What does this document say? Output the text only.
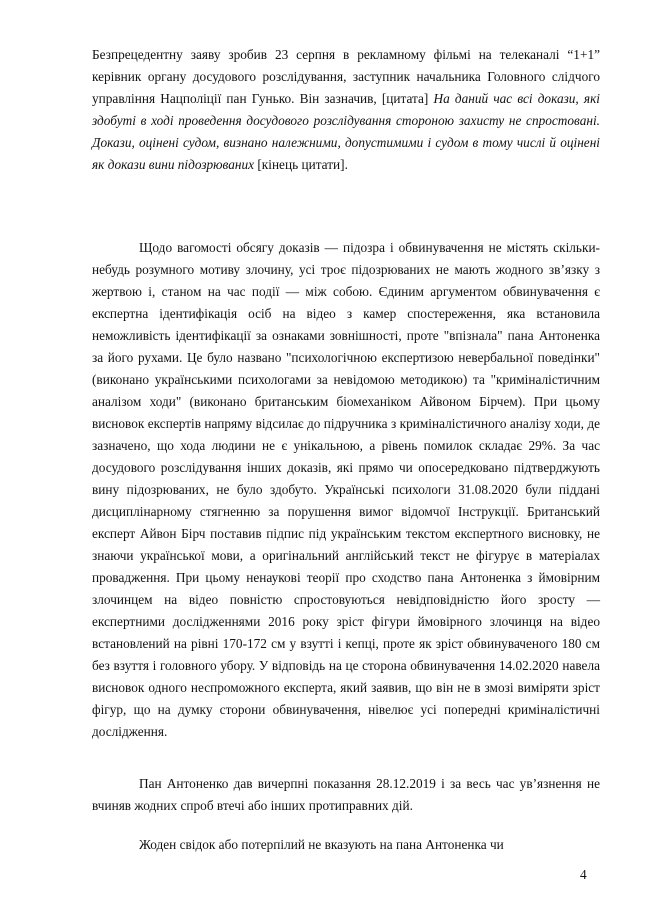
Безпрецедентну заяву зробив 23 серпня в рекламному фільмі на телеканалі “1+1” керівник органу досудового розслідування, заступник начальника Головного слідчого управління Нацполіції пан Гунько. Він зазначив, [цитата] На даний час всі докази, які здобуті в ході проведення досудового розслідування стороною захисту не спростовані. Докази, оцінені судом, визнано належними, допустимими і судом в тому числі й оцінені як докази вини підозрюваних [кінець цитати].

Щодо вагомості обсягу доказів — підозра і обвинувачення не містять скільки-небудь розумного мотиву злочину, усі троє підозрюваних не мають жодного зв’язку з жертвою і, станом на час події — між собою. Єдиним аргументом обвинувачення є експертна ідентифікація осіб на відео з камер спостереження, яка встановила неможливість ідентифікації за ознаками зовнішності, проте "впізнала" пана Антоненка за його рухами. Це було названо "психологічною експертизою невербальної поведінки" (виконано українськими психологами за невідомою методикою) та "криміналістичним аналізом ходи" (виконано британським біомеханіком Айвоном Бірчем). При цьому висновок експертів напряму відсилає до підручника з криміналістичного аналізу ходи, де зазначено, що хода людини не є унікальною, а рівень помилок складає 29%. За час досудового розслідування інших доказів, які прямо чи опосередковано підтверджують вину підозрюваних, не було здобуто. Українські психологи 31.08.2020 були піддані дисциплінарному стягненню за порушення вимог відомчої Інструкції. Британський експерт Айвон Бірч поставив підпис під українським текстом експертного висновку, не знаючи української мови, а оригінальний англійський текст не фігурує в матеріалах провадження. При цьому ненаукові теорії про сходство пана Антоненка з ймовірним злочинцем на відео повністю спростовуються невідповідністю його зросту — експертними дослідженнями 2016 року зріст фігури ймовірного злочинця на відео встановлений на рівні 170-172 см у взутті і кепці, проте як зріст обвинуваченого 180 см без взуття і головного убору. У відповідь на це сторона обвинувачення 14.02.2020 навела висновок одного неспроможного експерта, який заявив, що він не в змозі виміряти зріст фігур, що на думку сторони обвинувачення, нівелює усі попередні криміналістичні дослідження.

Пан Антоненко дав вичерпні показання 28.12.2019 і за весь час ув’язнення не вчиняв жодних спроб втечі або інших протиправних дій.

Жоден свідок або потерпілий не вказують на пана Антоненка чи

4
